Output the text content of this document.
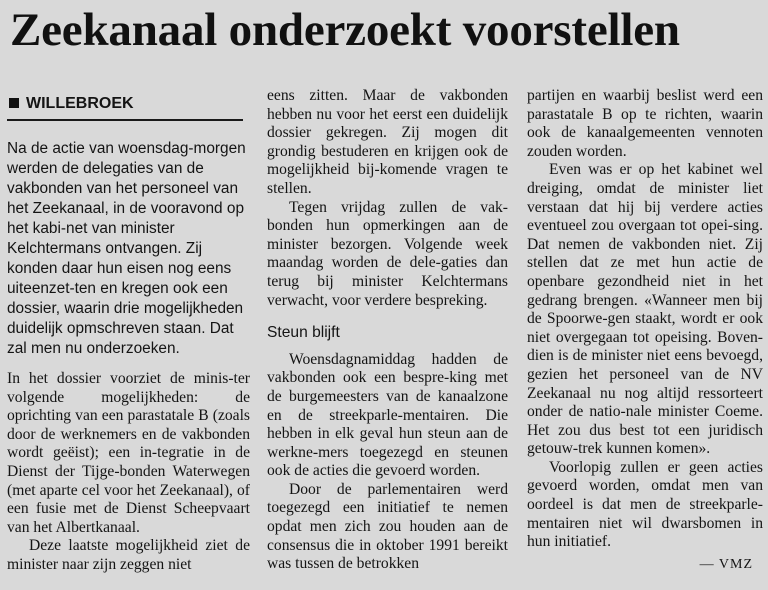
Zeekanaal onderzoekt voorstellen
WILLEBROEK
Na de actie van woensdag-morgen werden de delegaties van de vakbonden van het personeel van het Zeekanaal, in de vooravond op het kabi-net van minister Kelchtermans ontvangen. Zij konden daar hun eisen nog eens uiteenzet-ten en kregen ook een dossier, waarin drie mogelijkheden duidelijk opmschreven staan. Dat zal men nu onderzoeken.

In het dossier voorziet de minis-ter volgende mogelijkheden: de oprichting van een parastatale B (zoals door de werknemers en de vakbonden wordt geëist); een in-tegratie in de Dienst der Tijge-bonden Waterwegen (met aparte cel voor het Zeekanaal), of een fusie met de Dienst Scheepvaart van het Albertkanaal.

Deze laatste mogelijkheid ziet de minister naar zijn zeggen niet

eens zitten. Maar de vakbonden hebben nu voor het eerst een duidelijk dossier gekregen. Zij mogen dit grondig bestuderen en krijgen ook de mogelijkheid bij-komende vragen te stellen.

Tegen vrijdag zullen de vak-bonden hun opmerkingen aan de minister bezorgen. Volgende week maandag worden de dele-gaties dan terug bij minister Kelchtermans verwacht, voor verdere bespreking.

Steun blijft

Woensdagnamiddag hadden de vakbonden ook een bespre-king met de burgemeesters van de kanaalzone en de streekparle-mentairen. Die hebben in elk geval hun steun aan de werkne-mers toegezegd en steunen ook de acties die gevoerd worden.

Door de parlementairen werd toegezegd een initiatief te nemen opdat men zich zou houden aan de consensus die in oktober 1991 bereikt was tussen de betrokken

partijen en waarbij beslist werd een parastatale B op te richten, waarin ook de kanaalgemeenten vennoten zouden worden.

Even was er op het kabinet wel dreiging, omdat de minister liet verstaan dat hij bij verdere acties eventueel zou overgaan tot opei-sing. Dat nemen de vakbonden niet. Zij stellen dat ze met hun actie de openbare gezondheid niet in het gedrang brengen. «Wanneer men bij de Spoorwe-gen staakt, wordt er ook niet overgegaan tot opeising. Boven-dien is de minister niet eens bevoegd, gezien het personeel van de NV Zeekanaal nu nog altijd ressorteert onder de natio-nale minister Coeme. Het zou dus best tot een juridisch getouw-trek kunnen komen».

Voorlopig zullen er geen acties gevoerd worden, omdat men van oordeel is dat men de streekparle-mentairen niet wil dwarsbomen in hun initiatief.

— VMZ
